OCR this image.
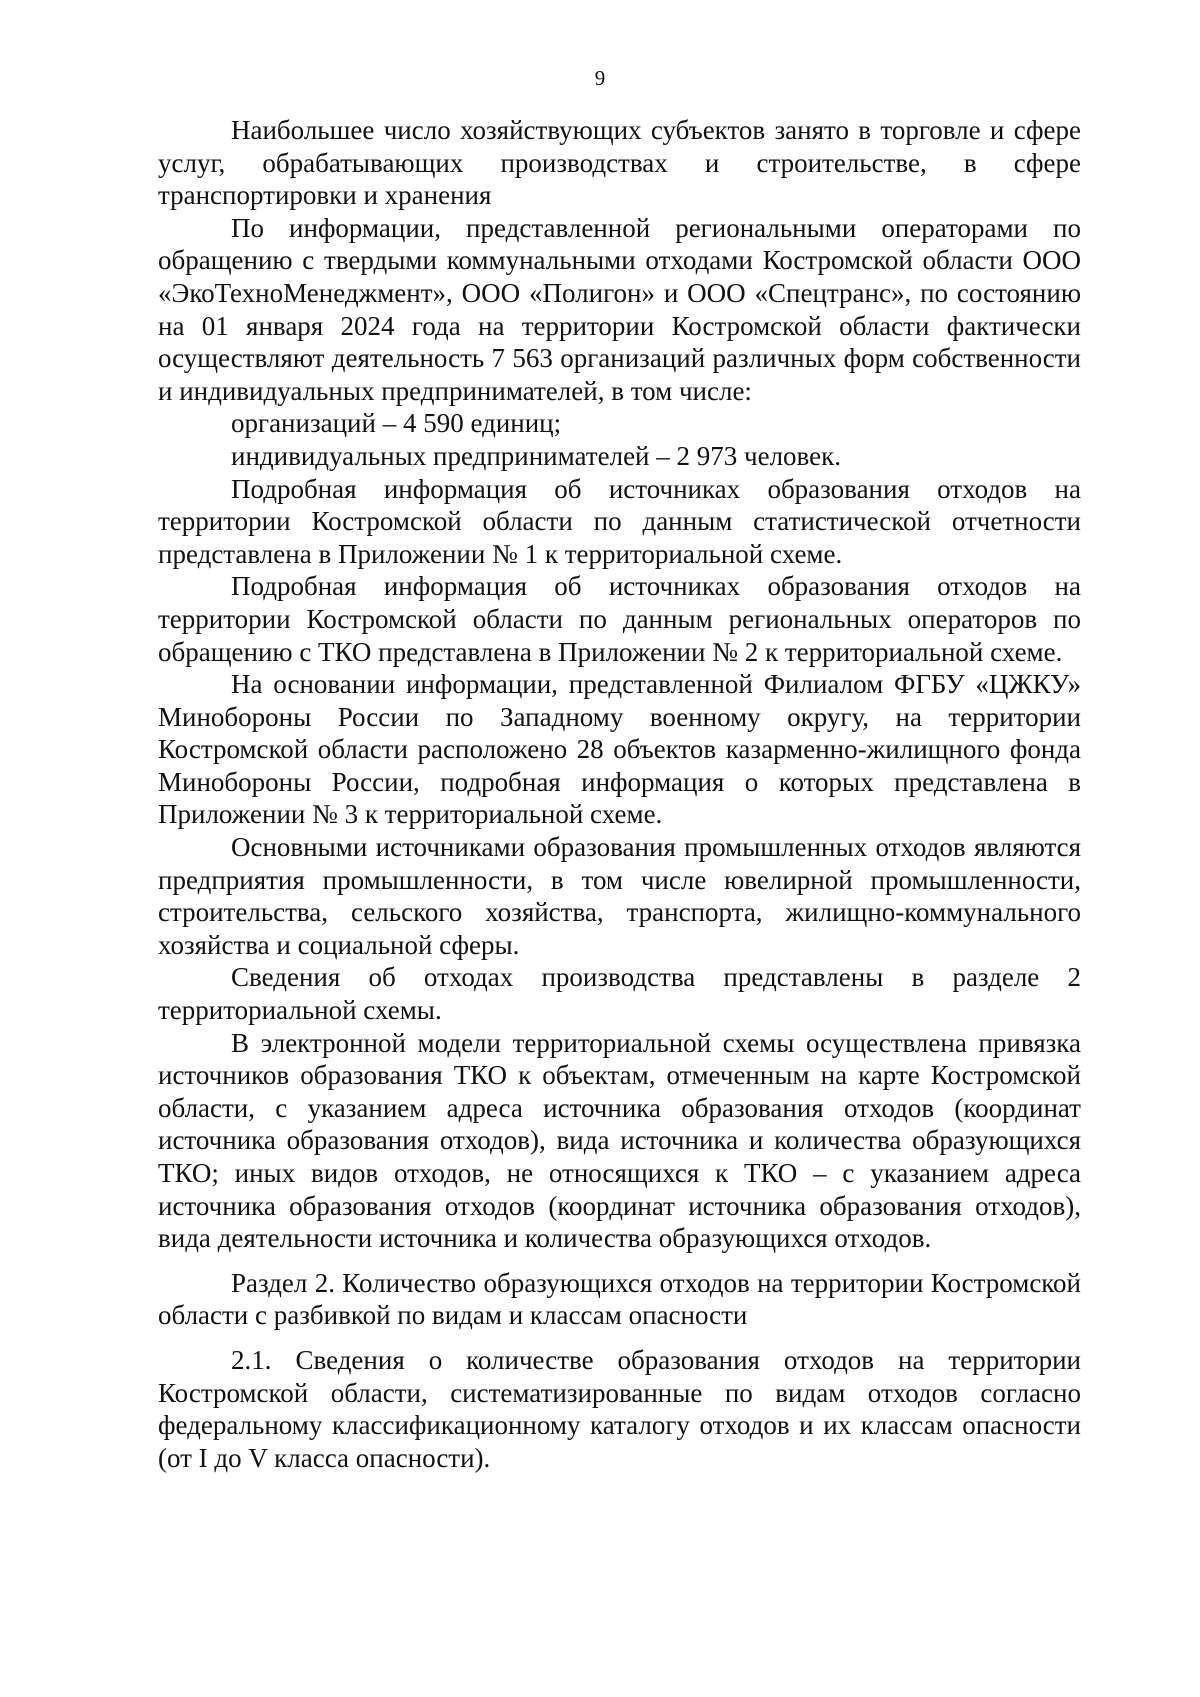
9

Наибольшее число хозяйствующих субъектов занято в торговле и сфере услуг, обрабатывающих производствах и строительстве, в сфере транспортировки и хранения

По информации, представленной региональными операторами по обращению с твердыми коммунальными отходами Костромской области ООО «ЭкоТехноМенеджмент», ООО «Полигон» и ООО «Спецтранс», по состоянию на 01 января 2024 года на территории Костромской области фактически осуществляют деятельность 7 563 организаций различных форм собственности и индивидуальных предпринимателей, в том числе:

организаций – 4 590 единиц;

индивидуальных предпринимателей – 2 973 человек.

Подробная информация об источниках образования отходов на территории Костромской области по данным статистической отчетности представлена в Приложении № 1 к территориальной схеме.

Подробная информация об источниках образования отходов на территории Костромской области по данным региональных операторов по обращению с ТКО представлена в Приложении № 2 к территориальной схеме.

На основании информации, представленной Филиалом ФГБУ «ЦЖКУ» Минобороны России по Западному военному округу, на территории Костромской области расположено 28 объектов казарменно-жилищного фонда Минобороны России, подробная информация о которых представлена в Приложении № 3 к территориальной схеме.

Основными источниками образования промышленных отходов являются предприятия промышленности, в том числе ювелирной промышленности, строительства, сельского хозяйства, транспорта, жилищно-коммунального хозяйства и социальной сферы.

Сведения об отходах производства представлены в разделе 2 территориальной схемы.

В электронной модели территориальной схемы осуществлена привязка источников образования ТКО к объектам, отмеченным на карте Костромской области, с указанием адреса источника образования отходов (координат источника образования отходов), вида источника и количества образующихся ТКО; иных видов отходов, не относящихся к ТКО – с указанием адреса источника образования отходов (координат источника образования отходов), вида деятельности источника и количества образующихся отходов.

Раздел 2. Количество образующихся отходов на территории Костромской области с разбивкой по видам и классам опасности

2.1. Сведения о количестве образования отходов на территории Костромской области, систематизированные по видам отходов согласно федеральному классификационному каталогу отходов и их классам опасности (от I до V класса опасности).
